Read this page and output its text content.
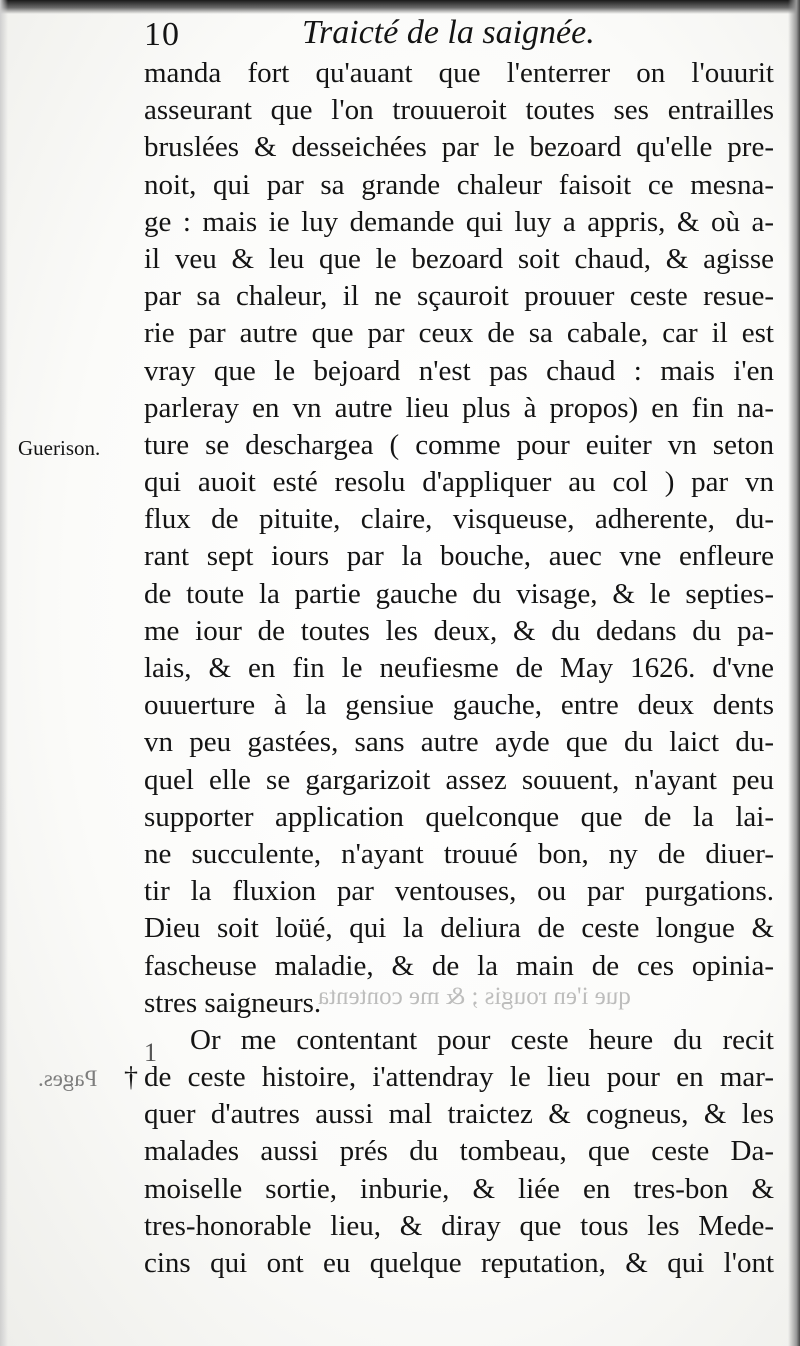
10	Traicté de la saignée.
Guerison.
1
†
Pages.
que i'en rougis ; & me contenta
manda fort qu'auant que l'enterrer on l'ouurit
asseurant que l'on trouueroit toutes ses entrailles
bruslées & desseichées par le bezoard qu'elle pre-
noit, qui par sa grande chaleur faisoit ce mesna-
ge : mais ie luy demande qui luy a appris, & où a-
il veu & leu que le bezoard soit chaud, & agisse
par sa chaleur, il ne sçauroit prouuer ceste resue-
rie par autre que par ceux de sa cabale, car il est
vray que le bejoard n'est pas chaud : mais i'en
parleray en vn autre lieu plus à propos) en fin na-
ture se deschargea ( comme pour euiter vn seton
qui auoit esté resolu d'appliquer au col ) par vn
flux de pituite, claire, visqueuse, adherente, du-
rant sept iours par la bouche, auec vne enfleure
de toute la partie gauche du visage, & le septies-
me iour de toutes les deux, & du dedans du pa-
lais, & en fin le neufiesme de May 1626. d'vne
ouuerture à la gensiue gauche, entre deux dents
vn peu gastées, sans autre ayde que du laict du-
quel elle se gargarizoit assez souuent, n'ayant peu
supporter application quelconque que de la lai-
ne succulente, n'ayant trouué bon, ny de diuer-
tir la fluxion par ventouses, ou par purgations.
Dieu soit loüé, qui la deliura de ceste longue &
fascheuse maladie, & de la main de ces opinia-
stres saigneurs.
Or me contentant pour ceste heure du recit
de ceste histoire, i'attendray le lieu pour en mar-
quer d'autres aussi mal traictez & cogneus, & les
malades aussi prés du tombeau, que ceste Da-
moiselle sortie, inburie, & liée en tres-bon &
tres-honorable lieu, & diray que tous les Mede-
cins qui ont eu quelque reputation, & qui l'ont
